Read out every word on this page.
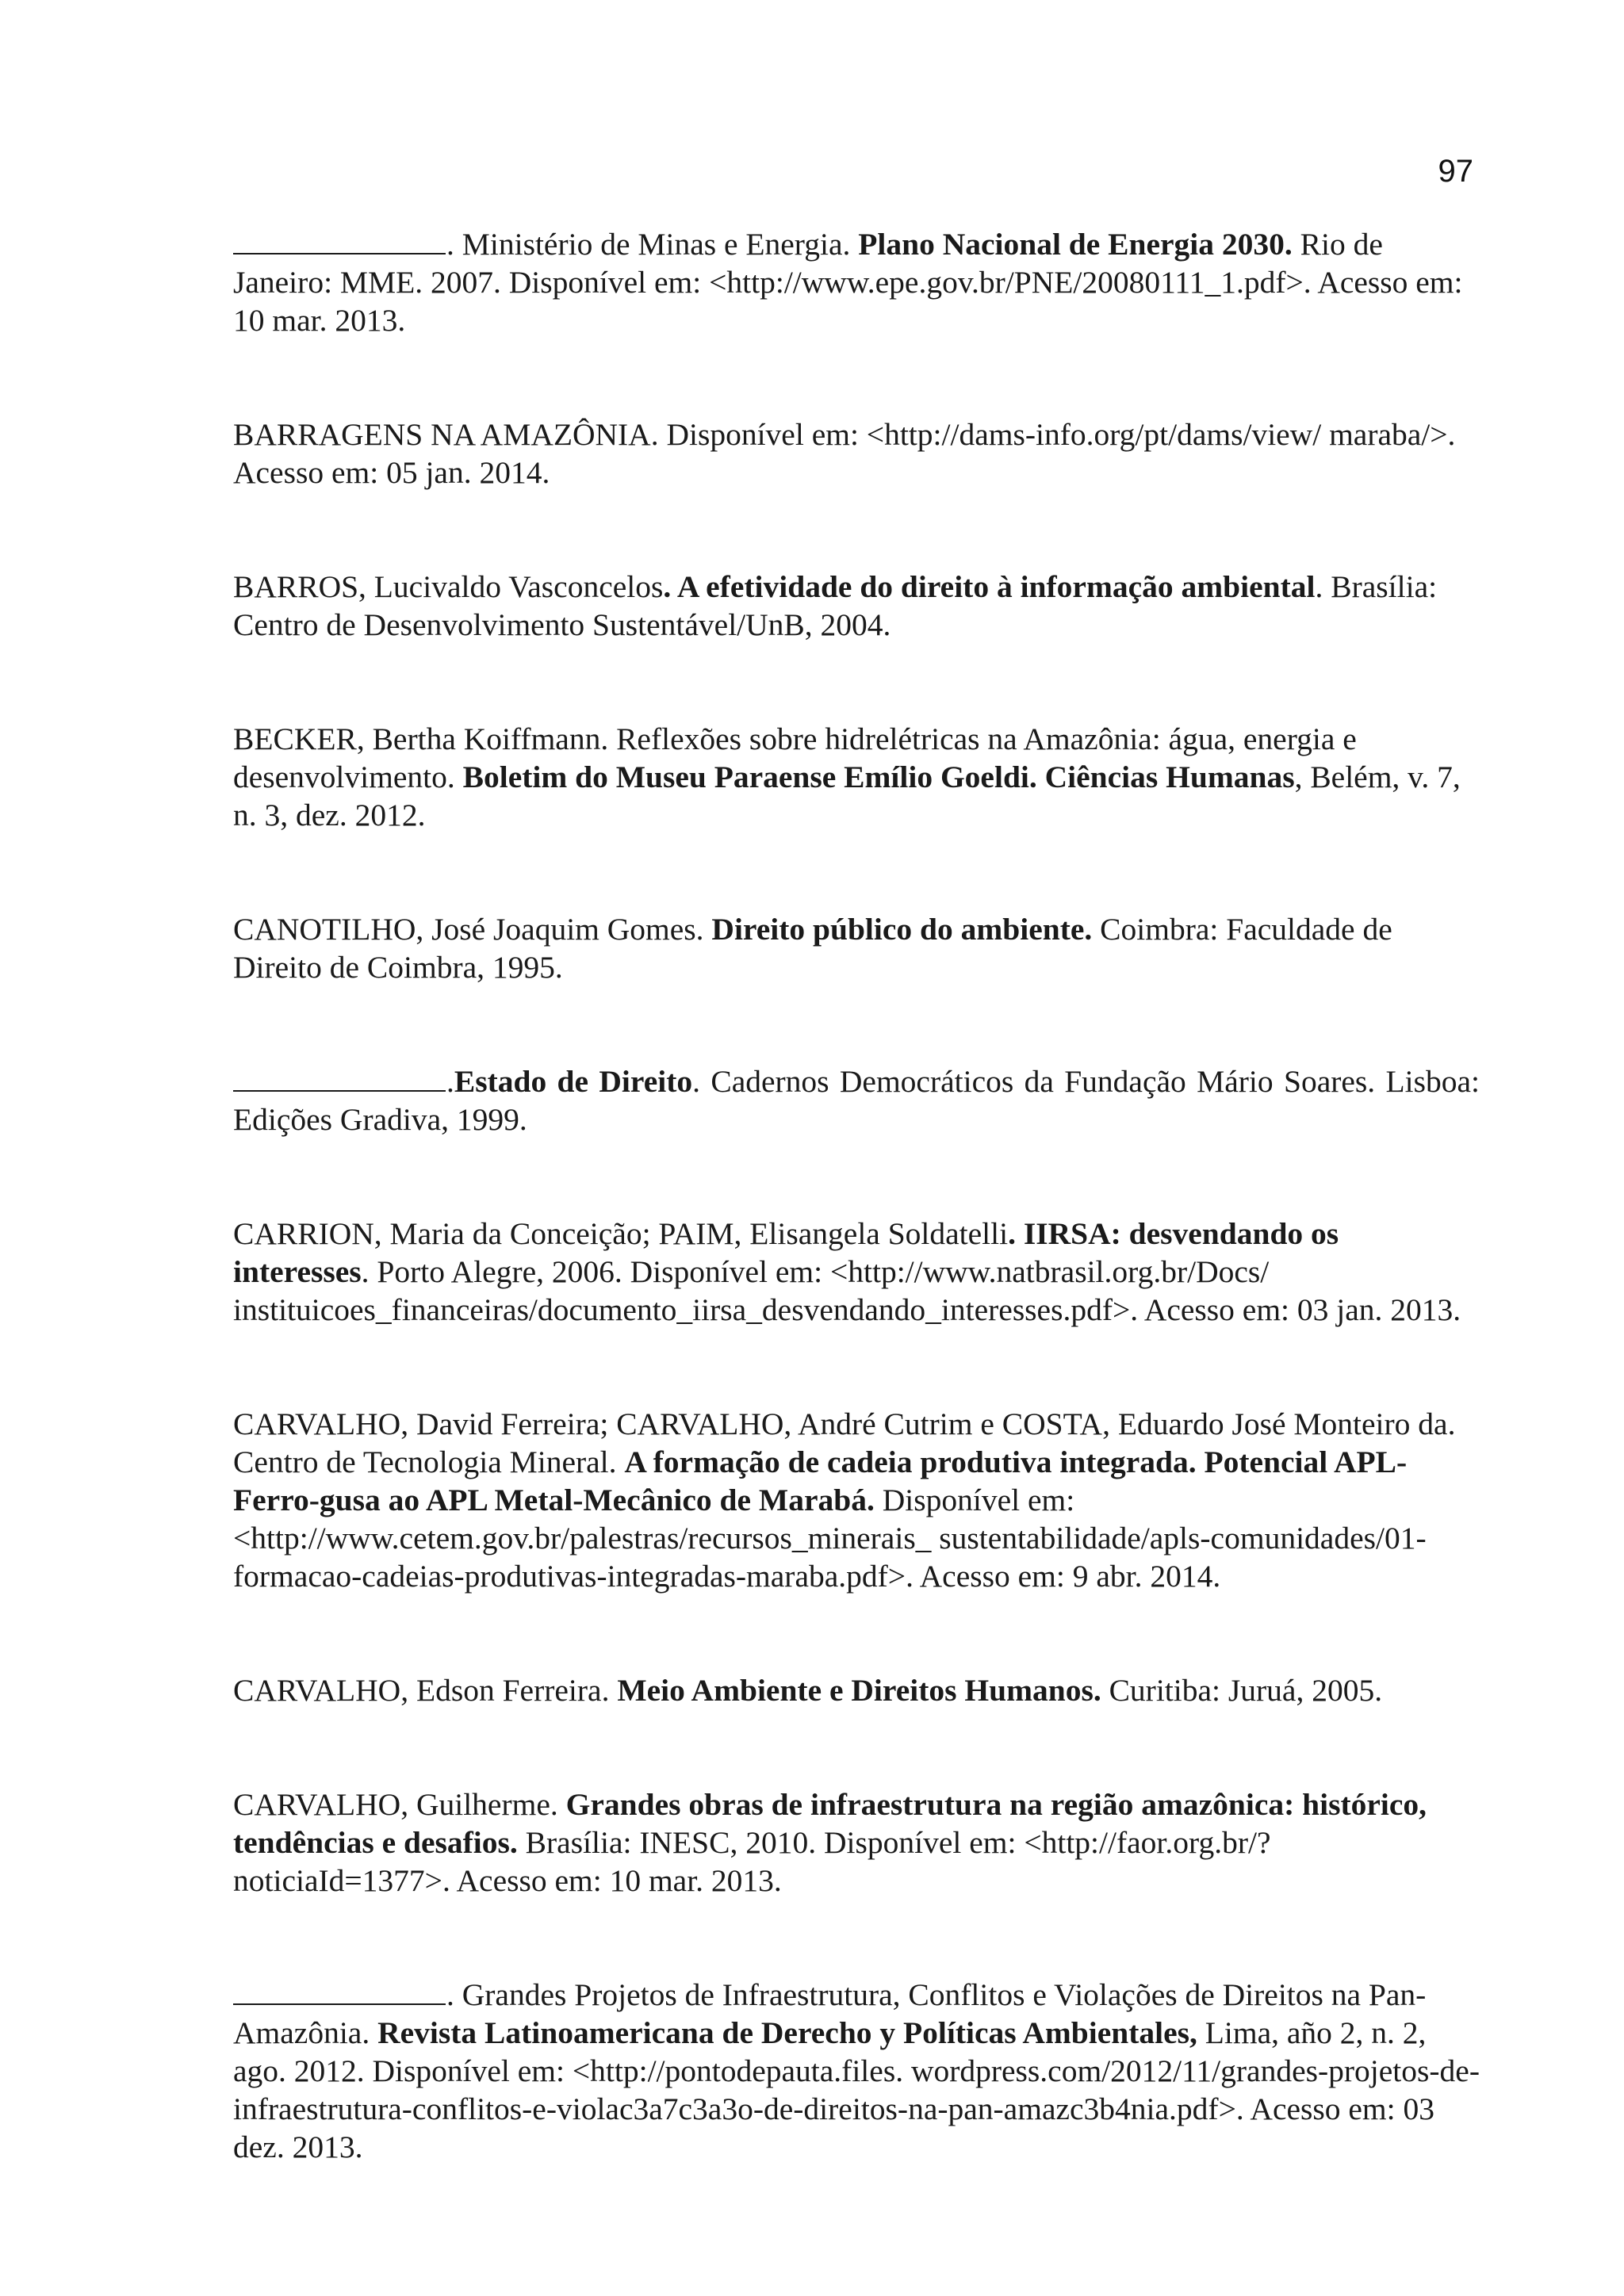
97

. Ministério de Minas e Energia. Plano Nacional de Energia 2030. Rio de Janeiro: MME. 2007. Disponível em: <http://www.epe.gov.br/PNE/20080111_1.pdf>. Acesso em: 10 mar. 2013.

BARRAGENS NA AMAZÔNIA. Disponível em: <http://dams-info.org/pt/dams/view/ maraba/>. Acesso em: 05 jan. 2014.

BARROS, Lucivaldo Vasconcelos. A efetividade do direito à informação ambiental. Brasília: Centro de Desenvolvimento Sustentável/UnB, 2004.

BECKER, Bertha Koiffmann. Reflexões sobre hidrelétricas na Amazônia: água, energia e desenvolvimento. Boletim do Museu Paraense Emílio Goeldi. Ciências Humanas, Belém, v. 7, n. 3, dez. 2012.

CANOTILHO, José Joaquim Gomes. Direito público do ambiente. Coimbra: Faculdade de Direito de Coimbra, 1995.

.Estado de Direito. Cadernos Democráticos da Fundação Mário Soares. Lisboa: Edições Gradiva, 1999.

CARRION, Maria da Conceição; PAIM, Elisangela Soldatelli. IIRSA: desvendando os interesses. Porto Alegre, 2006. Disponível em: <http://www.natbrasil.org.br/Docs/ instituicoes_financeiras/documento_iirsa_desvendando_interesses.pdf>. Acesso em: 03 jan. 2013.

CARVALHO, David Ferreira; CARVALHO, André Cutrim e COSTA, Eduardo José Monteiro da. Centro de Tecnologia Mineral. A formação de cadeia produtiva integrada. Potencial APL-Ferro-gusa ao APL Metal-Mecânico de Marabá. Disponível em: <http://www.cetem.gov.br/palestras/recursos_minerais_ sustentabilidade/apls-comunidades/01-formacao-cadeias-produtivas-integradas-maraba.pdf>. Acesso em: 9 abr. 2014.

CARVALHO, Edson Ferreira. Meio Ambiente e Direitos Humanos. Curitiba: Juruá, 2005.

CARVALHO, Guilherme. Grandes obras de infraestrutura na região amazônica: histórico, tendências e desafios. Brasília: INESC, 2010. Disponível em: <http://faor.org.br/?noticiaId=1377>. Acesso em: 10 mar. 2013.

. Grandes Projetos de Infraestrutura, Conflitos e Violações de Direitos na Pan-Amazônia. Revista Latinoamericana de Derecho y Políticas Ambientales, Lima, año 2, n. 2, ago. 2012. Disponível em: <http://pontodepauta.files. wordpress.com/2012/11/grandes-projetos-de-infraestrutura-conflitos-e-violac3a7c3a3o-de-direitos-na-pan-amazc3b4nia.pdf>. Acesso em: 03 dez. 2013.
